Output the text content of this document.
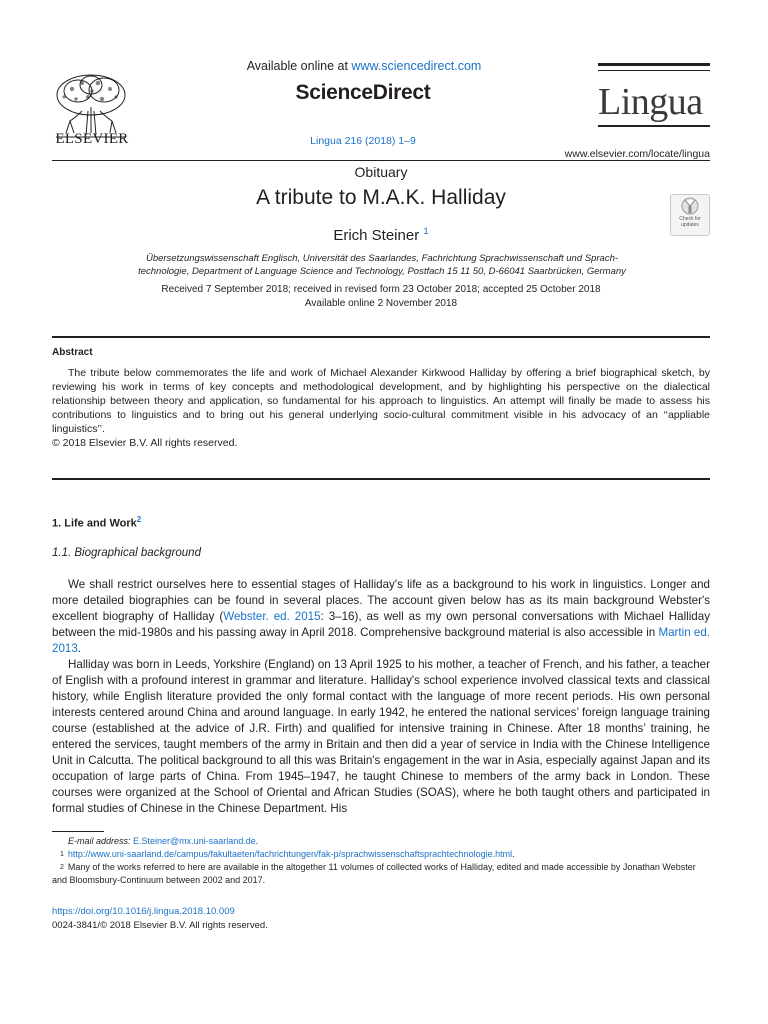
ELSEVIER
Available online at www.sciencedirect.com
ScienceDirect
Lingua 216 (2018) 1–9
Lingua
www.elsevier.com/locate/lingua
Obituary
A tribute to M.A.K. Halliday
Erich Steiner $^1$
Check for updates
Übersetzungswissenschaft Englisch, Universität des Saarlandes, Fachrichtung Sprachwissenschaft und Sprach-
technologie, Department of Language Science and Technology, Postfach 15 11 50, D-66041 Saarbrücken, Germany
Received 7 September 2018; received in revised form 23 October 2018; accepted 25 October 2018
Available online 2 November 2018
Abstract

The tribute below commemorates the life and work of Michael Alexander Kirkwood Halliday by offering a brief biographical sketch, by reviewing his work in terms of key concepts and methodological development, and by highlighting his perspective on the dialectical relationship between theory and application, so fundamental for his approach to linguistics. An attempt will finally be made to assess his contributions to linguistics and to bring out his general underlying socio-cultural commitment visible in his advocacy of an ‘‘appliable linguistics’’.

© 2018 Elsevier B.V. All rights reserved.
1. Life and Work$^2$
1.1. Biographical background

We shall restrict ourselves here to essential stages of Halliday's life as a background to his work in linguistics. Longer and more detailed biographies can be found in several places. The account given below has as its main background Webster's excellent biography of Halliday (Webster. ed. 2015: 3–16), as well as my own personal conversations with Michael Halliday between the mid-1980s and his passing away in April 2018. Comprehensive background material is also accessible in Martin ed. 2013.

Halliday was born in Leeds, Yorkshire (England) on 13 April 1925 to his mother, a teacher of French, and his father, a teacher of English with a profound interest in grammar and literature. Halliday's school experience involved classical texts and classical history, while English literature provided the only formal contact with the language of more recent periods. His own personal interests centered around China and around language. In early 1942, he entered the national services’ foreign language training course (established at the advice of J.R. Firth) and qualified for intensive training in Chinese. After 18 months’ training, he entered the services, taught members of the army in Britain and then did a year of service in India with the Chinese Intelligence Unit in Calcutta. The political background to all this was Britain's engagement in the war in Asia, especially against Japan and its occupation of large parts of China. From 1945–1947, he taught Chinese to members of the army back in London. These courses were organized at the School of Oriental and African Studies (SOAS), where he both taught others and participated in formal studies of Chinese in the Chinese Department. His

E-mail address: E.Steiner@mx.uni-saarland.de.
$^1$ http://www.uni-saarland.de/campus/fakultaeten/fachrichtungen/fak-p/sprachwissenschaftsprachtechnologie.html.
$^2$ Many of the works referred to here are available in the altogether 11 volumes of collected works of Halliday, edited and made accessible by Jonathan Webster and Bloomsbury-Continuum between 2002 and 2017.
https://doi.org/10.1016/j.lingua.2018.10.009
0024-3841/© 2018 Elsevier B.V. All rights reserved.
